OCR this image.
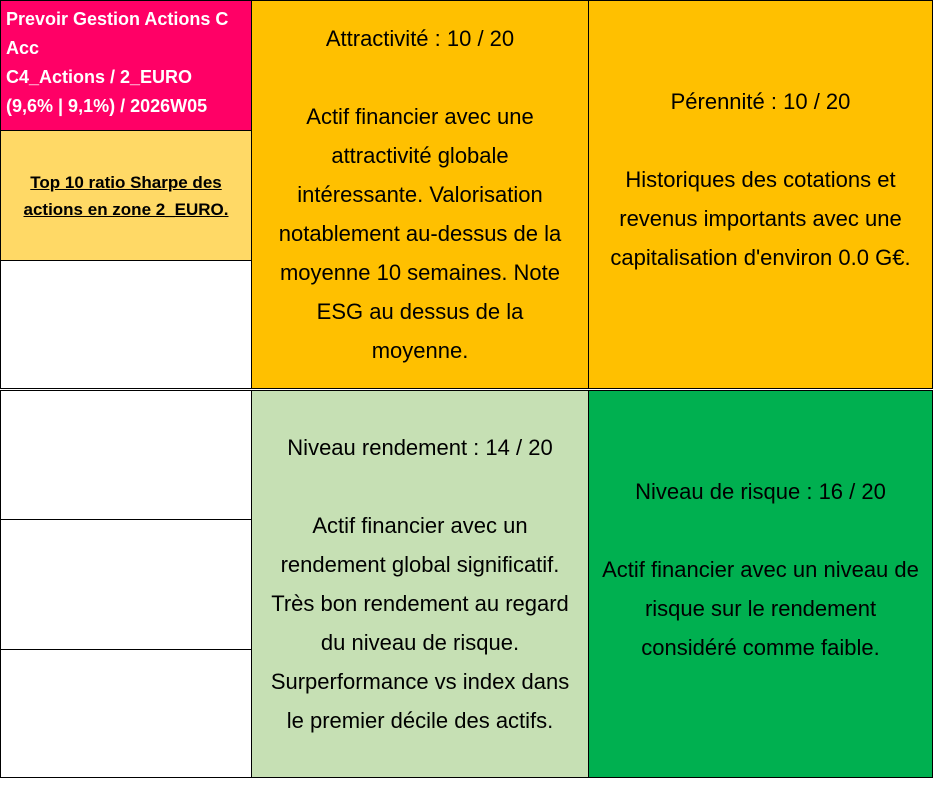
Prevoir Gestion Actions C
Acc
C4_Actions / 2_EURO
(9,6% | 9,1%) / 2026W05
Top 10 ratio Sharpe des actions en zone 2_EURO.
Attractivité : 10 / 20
Actif financier avec une attractivité globale intéressante. Valorisation notablement au-dessus de la moyenne 10 semaines. Note ESG au dessus de la moyenne.
Pérennité : 10 / 20
Historiques des cotations et revenus importants avec une capitalisation d'environ 0.0 G€.
Niveau rendement : 14 / 20
Actif financier avec un rendement global significatif. Très bon rendement au regard du niveau de risque. Surperformance vs index dans le premier décile des actifs.
Niveau de risque : 16 / 20
Actif financier avec un niveau de risque sur le rendement considéré comme faible.
